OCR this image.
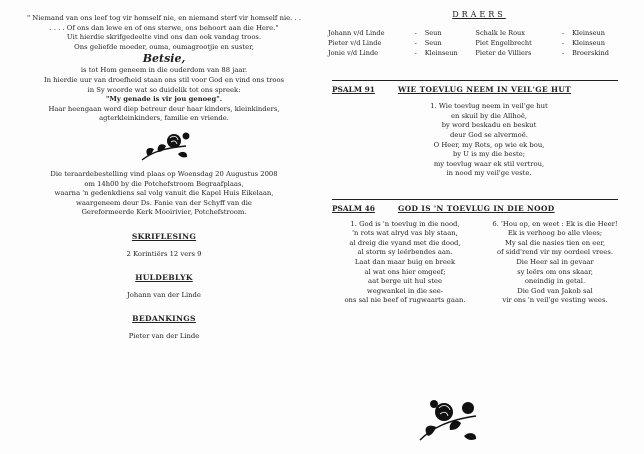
" Niemand van ons leef tog vir homself nie, en niemand sterf vir homself nie. . .

. . . . Of ons dan lewe en of ons sterwe, ons behoort aan die Here."

Uit hierdie skrifgedeelte vind ons dan ook vandag troos.

Ons geliefde moeder, ouma, oumagrootjie en suster,

Betsie,

is tot Hom geneem in die ouderdom van 88 jaar.

In hierdie uur van droefheid staan ons stil voor God en vind ons troos

in Sy woorde wat so duidelik tot ons spreek:

"My genade is vir jou genoeg".

Haar heengaan word diep betreur deur haar kinders, kleinkinders,

agterkleinkinders, familie en vriende.

Die teraardebestelling vind plaas op Woensdag 20 Augustus 2008

om 14h00 by die Potchefstroom Begraafplaas,

waarna 'n gedenkdiens sal volg vanuit die Kapel Huis Eikelaan,

waargeneem deur Ds. Fanie van der Schyff van die

Gereformeerde Kerk Mooirivier, Potchefstroom.

SKRIFLESING
2 Korintiërs 12 vers 9
HULDEBLYK
Johann van der Linde
BEDANKINGS
Pieter van der Linde
DRAERS
Johann v/d Linde	-	Seun	Schalk le Roux	-	Kleinseun
Pieter v/d Linde	-	Seun	Piet Engelbrecht	-	Kleinseun
Jonie v/d Linde	-	Kleinseun	Pieter de Villiers	-	Broerskind
PSALM 91	WIE TOEVLUG NEEM IN VEIL'GE HUT

1. Wie toevlug neem in veil'ge hut

en skuil by die Allhoë,

by word beskadu en beskut

deur God se alvermoë.

O Heer, my Rots, op wie ek bou,

by U is my die beste;

my toevlug waar ek stil vertrou,

in nood my veil'ge veste.

PSALM 46	GOD IS 'N TOEVLUG IN DIE NOOD

1. God is 'n toevlug in die nood,

'n rots wat alryd vas bly staan,

al dreig die vyand met die dood,

al storm sy leërbendes aan.

Laat dan maar buig en breek

al wat ons hier omgeef;

aat berge uit hul stee

wegwankel in die see-

ons sal nie beef of rugwaarts gaan.

6. 'Hou op, en weet : Ek is die Heer!

Ek is verhoog bo alle vlees;

My sal die nasies tien en eer,

of sidd'rend vir my oordeel vrees.

Die Heer sal in gevaar

sy leërs om ons skaar,

oneindig in getal.

Die God van Jakob sal

vir ons 'n veil'ge vesting wees.
